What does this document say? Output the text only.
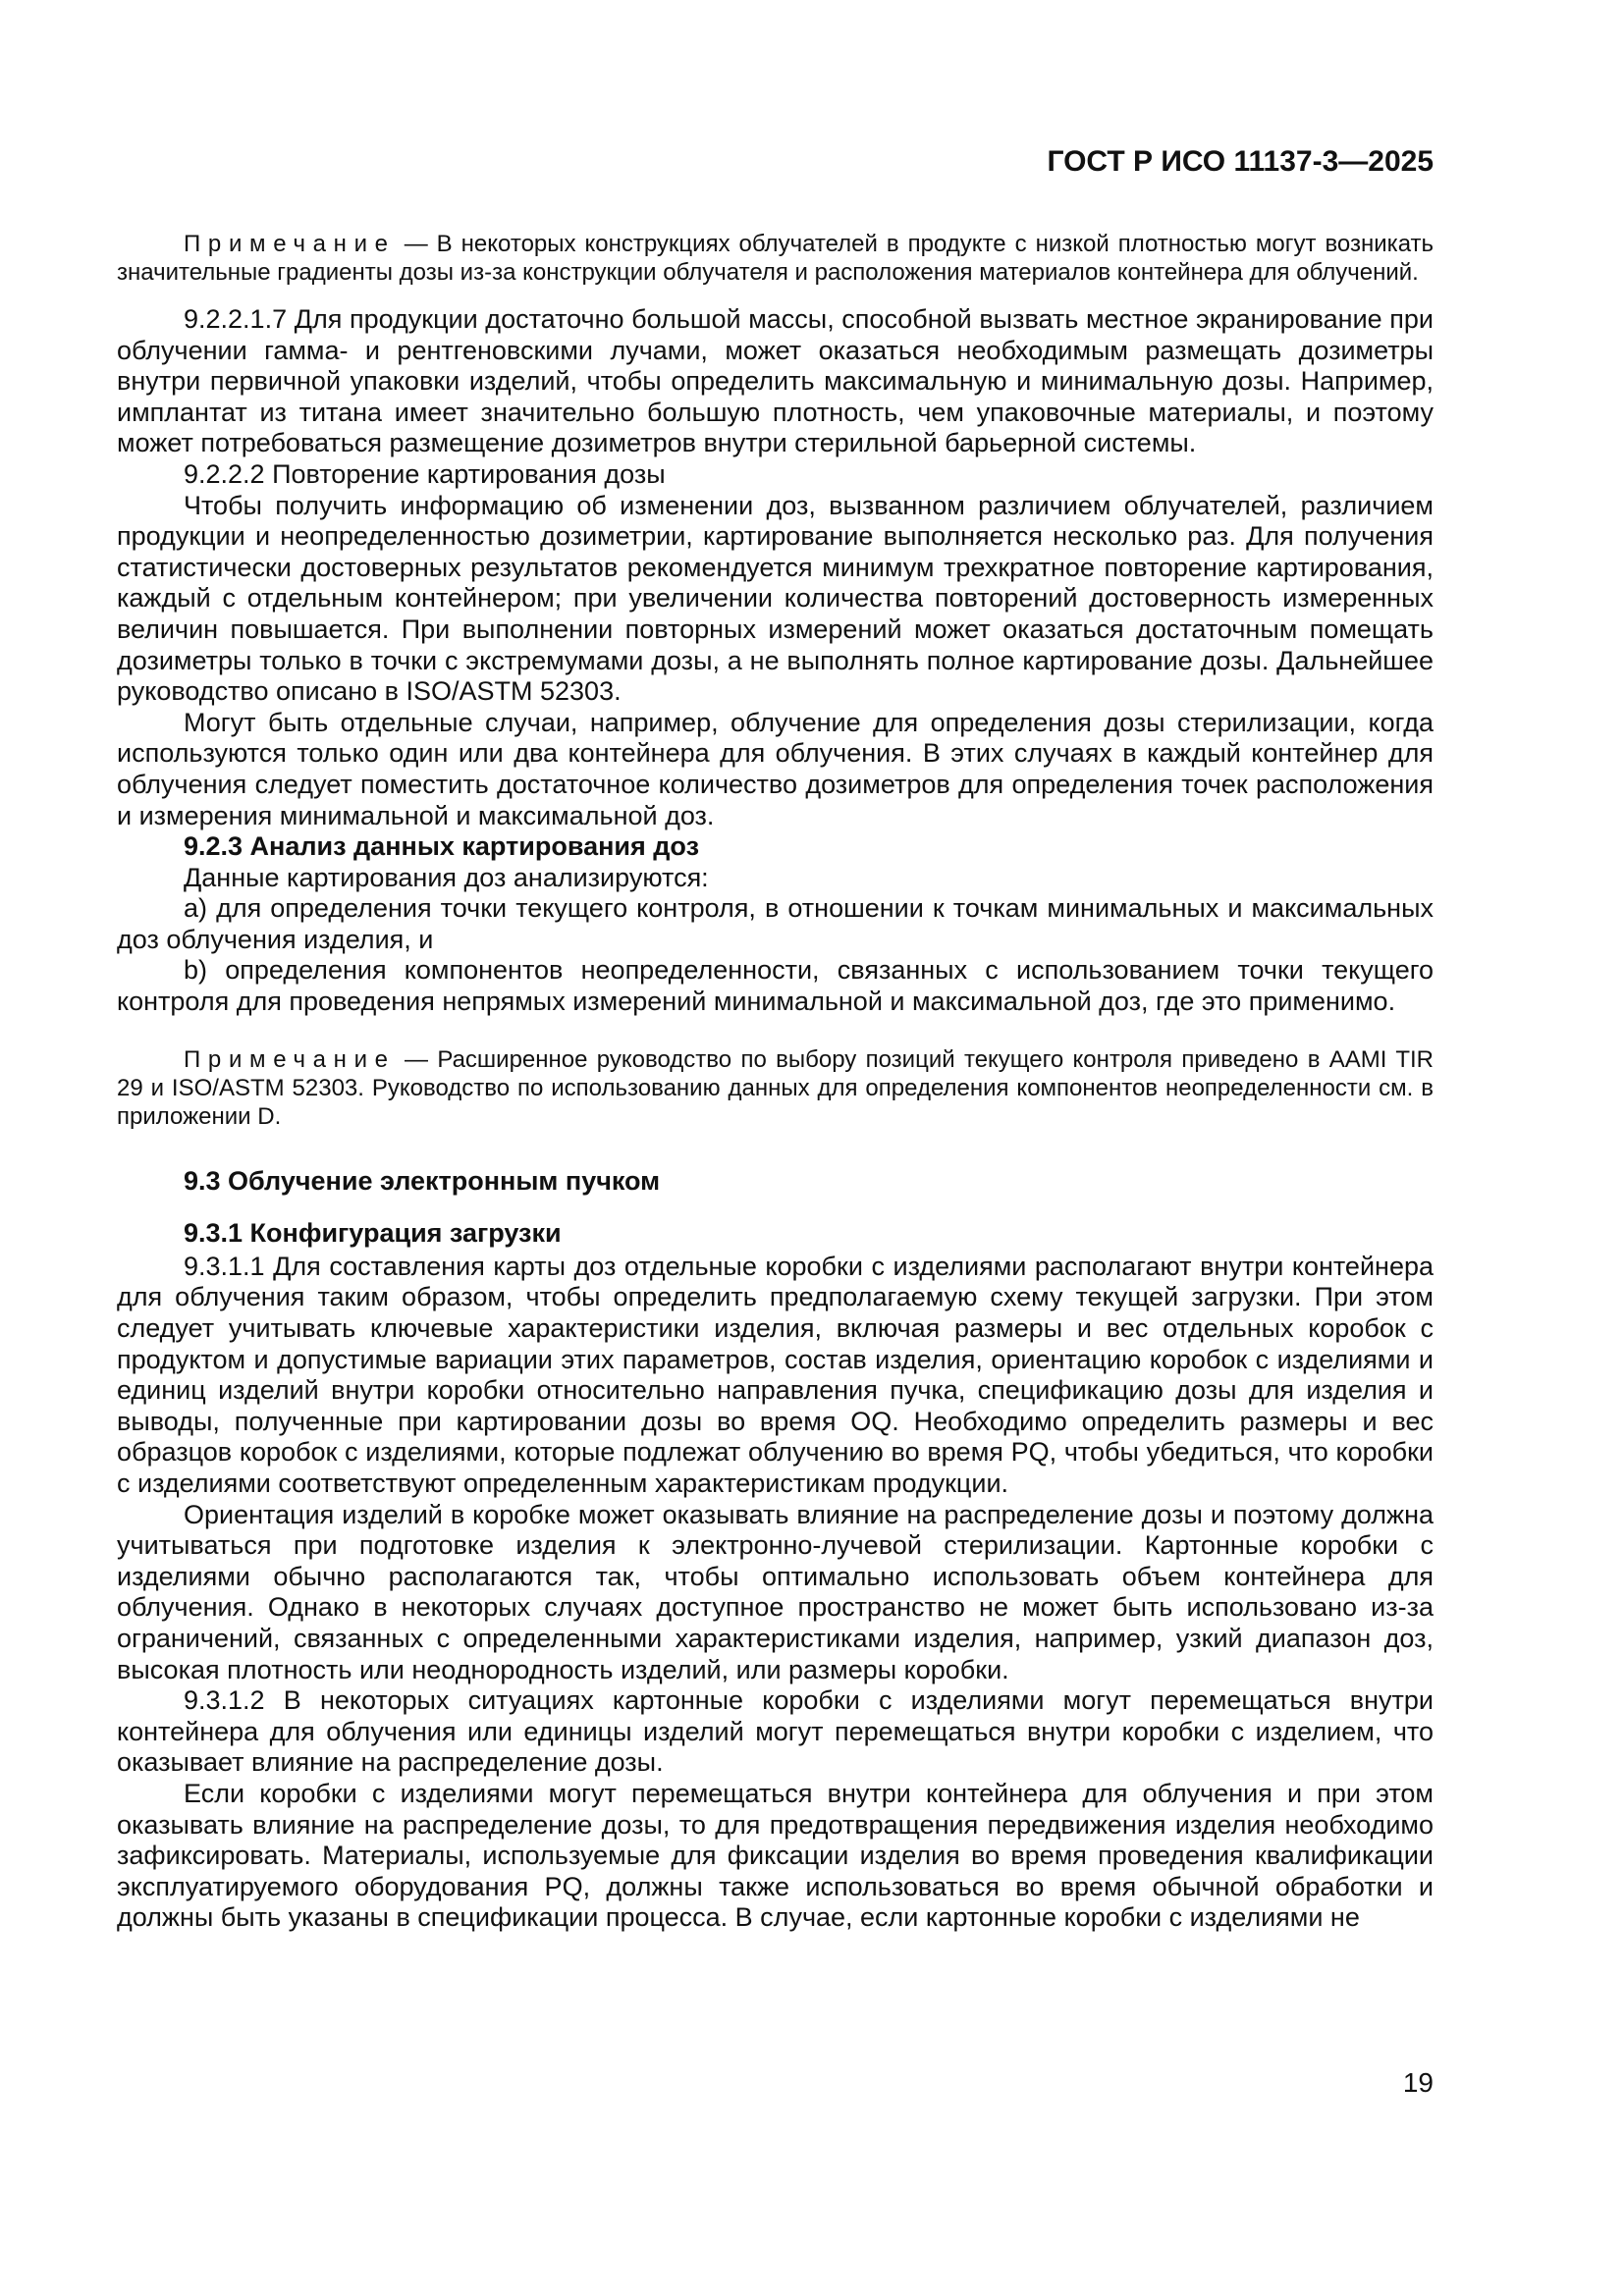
ГОСТ Р ИСО 11137-3—2025

Примечание — В некоторых конструкциях облучателей в продукте с низкой плотностью могут возникать значительные градиенты дозы из-за конструкции облучателя и расположения материалов контейнера для облучений.

9.2.2.1.7 Для продукции достаточно большой массы, способной вызвать местное экранирование при облучении гамма- и рентгеновскими лучами, может оказаться необходимым размещать дозиметры внутри первичной упаковки изделий, чтобы определить максимальную и минимальную дозы. Например, имплантат из титана имеет значительно большую плотность, чем упаковочные материалы, и поэтому может потребоваться размещение дозиметров внутри стерильной барьерной системы.

9.2.2.2 Повторение картирования дозы

Чтобы получить информацию об изменении доз, вызванном различием облучателей, различием продукции и неопределенностью дозиметрии, картирование выполняется несколько раз. Для получения статистически достоверных результатов рекомендуется минимум трехкратное повторение картирования, каждый с отдельным контейнером; при увеличении количества повторений достоверность измеренных величин повышается. При выполнении повторных измерений может оказаться достаточным помещать дозиметры только в точки с экстремумами дозы, а не выполнять полное картирование дозы. Дальнейшее руководство описано в ISO/ASTM 52303.

Могут быть отдельные случаи, например, облучение для определения дозы стерилизации, когда используются только один или два контейнера для облучения. В этих случаях в каждый контейнер для облучения следует поместить достаточное количество дозиметров для определения точек расположения и измерения минимальной и максимальной доз.

9.2.3 Анализ данных картирования доз

Данные картирования доз анализируются:

a) для определения точки текущего контроля, в отношении к точкам минимальных и максимальных доз облучения изделия, и

b) определения компонентов неопределенности, связанных с использованием точки текущего контроля для проведения непрямых измерений минимальной и максимальной доз, где это применимо.

Примечание — Расширенное руководство по выбору позиций текущего контроля приведено в AAMI TIR 29 и ISO/ASTM 52303. Руководство по использованию данных для определения компонентов неопределенности см. в приложении D.

9.3 Облучение электронным пучком

9.3.1 Конфигурация загрузки

9.3.1.1 Для составления карты доз отдельные коробки с изделиями располагают внутри контейнера для облучения таким образом, чтобы определить предполагаемую схему текущей загрузки. При этом следует учитывать ключевые характеристики изделия, включая размеры и вес отдельных коробок с продуктом и допустимые вариации этих параметров, состав изделия, ориентацию коробок с изделиями и единиц изделий внутри коробки относительно направления пучка, спецификацию дозы для изделия и выводы, полученные при картировании дозы во время OQ. Необходимо определить размеры и вес образцов коробок с изделиями, которые подлежат облучению во время PQ, чтобы убедиться, что коробки с изделиями соответствуют определенным характеристикам продукции.

Ориентация изделий в коробке может оказывать влияние на распределение дозы и поэтому должна учитываться при подготовке изделия к электронно-лучевой стерилизации. Картонные коробки с изделиями обычно располагаются так, чтобы оптимально использовать объем контейнера для облучения. Однако в некоторых случаях доступное пространство не может быть использовано из-за ограничений, связанных с определенными характеристиками изделия, например, узкий диапазон доз, высокая плотность или неоднородность изделий, или размеры коробки.

9.3.1.2 В некоторых ситуациях картонные коробки с изделиями могут перемещаться внутри контейнера для облучения или единицы изделий могут перемещаться внутри коробки с изделием, что оказывает влияние на распределение дозы.

Если коробки с изделиями могут перемещаться внутри контейнера для облучения и при этом оказывать влияние на распределение дозы, то для предотвращения передвижения изделия необходимо зафиксировать. Материалы, используемые для фиксации изделия во время проведения квалификации эксплуатируемого оборудования PQ, должны также использоваться во время обычной обработки и должны быть указаны в спецификации процесса. В случае, если картонные коробки с изделиями не

19
